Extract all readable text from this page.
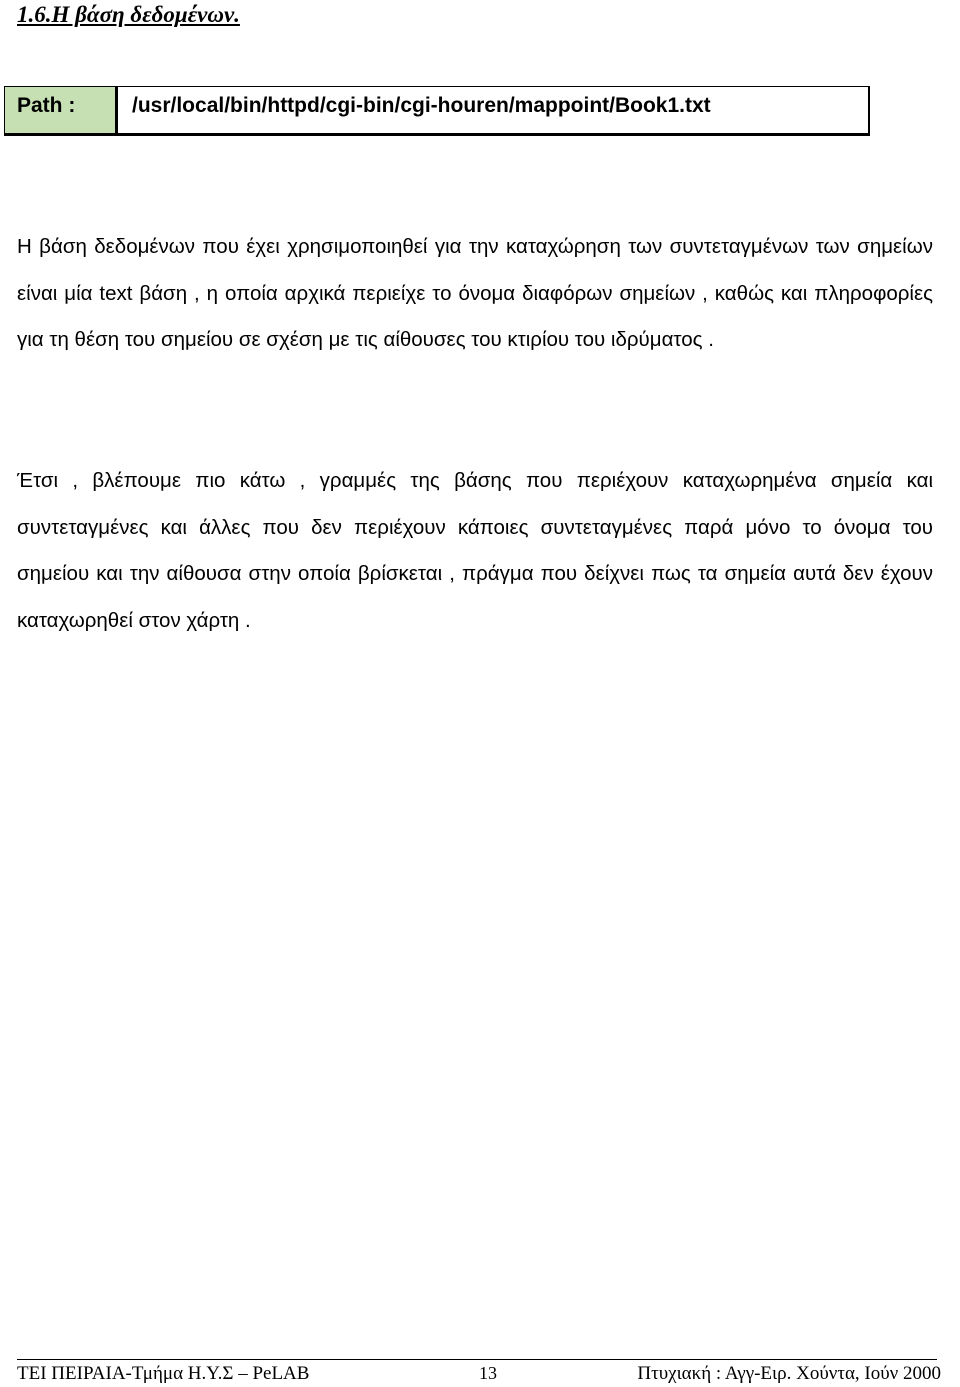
1.6.Η βάση δεδομένων.
Path :	/usr/local/bin/httpd/cgi-bin/cgi-houren/mappoint/Book1.txt

Η βάση δεδομένων που έχει χρησιμοποιηθεί για την καταχώρηση των συντεταγμένων των σημείων είναι μία text βάση , η οποία αρχικά περιείχε το όνομα διαφόρων σημείων , καθώς και πληροφορίες για τη θέση του σημείου σε σχέση με τις αίθουσες του κτιρίου του ιδρύματος .

Έτσι , βλέπουμε πιο κάτω , γραμμές της βάσης που περιέχουν καταχωρημένα σημεία και συντεταγμένες και άλλες που δεν περιέχουν κάποιες συντεταγμένες παρά μόνο το όνομα του σημείου και την αίθουσα στην οποία βρίσκεται , πράγμα που δείχνει πως τα σημεία αυτά δεν έχουν καταχωρηθεί στον χάρτη .

ΤΕΙ ΠΕΙΡΑΙΑ-Τμήμα Η.Υ.Σ – PeLAB	13	Πτυχιακή : Αγγ-Ειρ. Χούντα, Ιούν 2000
